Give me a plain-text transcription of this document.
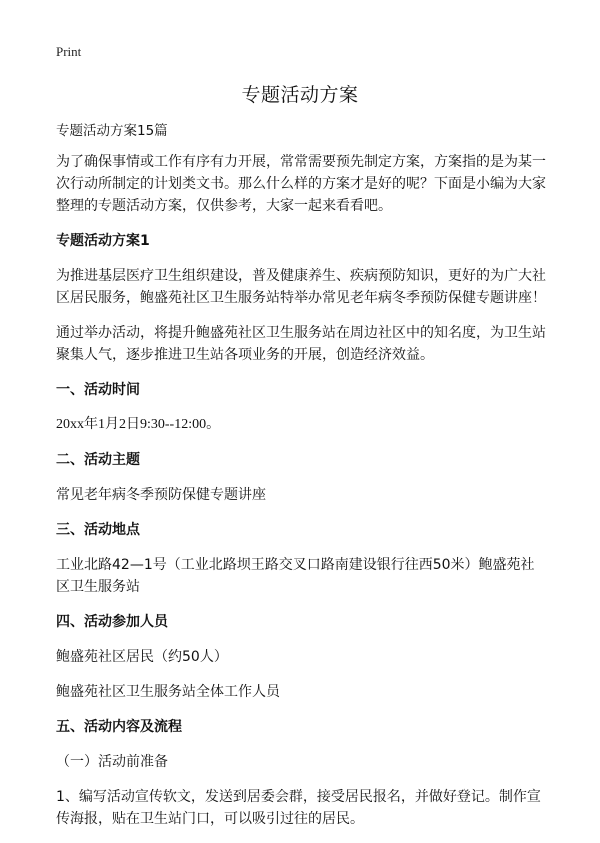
Print
专题活动方案

专题活动方案15篇

为了确保事情或工作有序有力开展，常常需要预先制定方案，方案指的是为某一次行动所制定的计划类文书。那么什么样的方案才是好的呢？下面是小编为大家整理的专题活动方案，仅供参考，大家一起来看看吧。

专题活动方案1

为推进基层医疗卫生组织建设，普及健康养生、疾病预防知识，更好的为广大社区居民服务，鲍盛苑社区卫生服务站特举办常见老年病冬季预防保健专题讲座！

通过举办活动，将提升鲍盛苑社区卫生服务站在周边社区中的知名度，为卫生站聚集人气，逐步推进卫生站各项业务的开展，创造经济效益。

一、活动时间

20xx年1月2日9:30--12:00。

二、活动主题

常见老年病冬季预防保健专题讲座

三、活动地点

工业北路42—1号（工业北路坝王路交叉口路南建设银行往西50米）鲍盛苑社区卫生服务站

四、活动参加人员

鲍盛苑社区居民（约50人）

鲍盛苑社区卫生服务站全体工作人员

五、活动内容及流程

（一）活动前准备

1、编写活动宣传软文，发送到居委会群，接受居民报名，并做好登记。制作宣传海报，贴在卫生站门口，可以吸引过往的居民。
